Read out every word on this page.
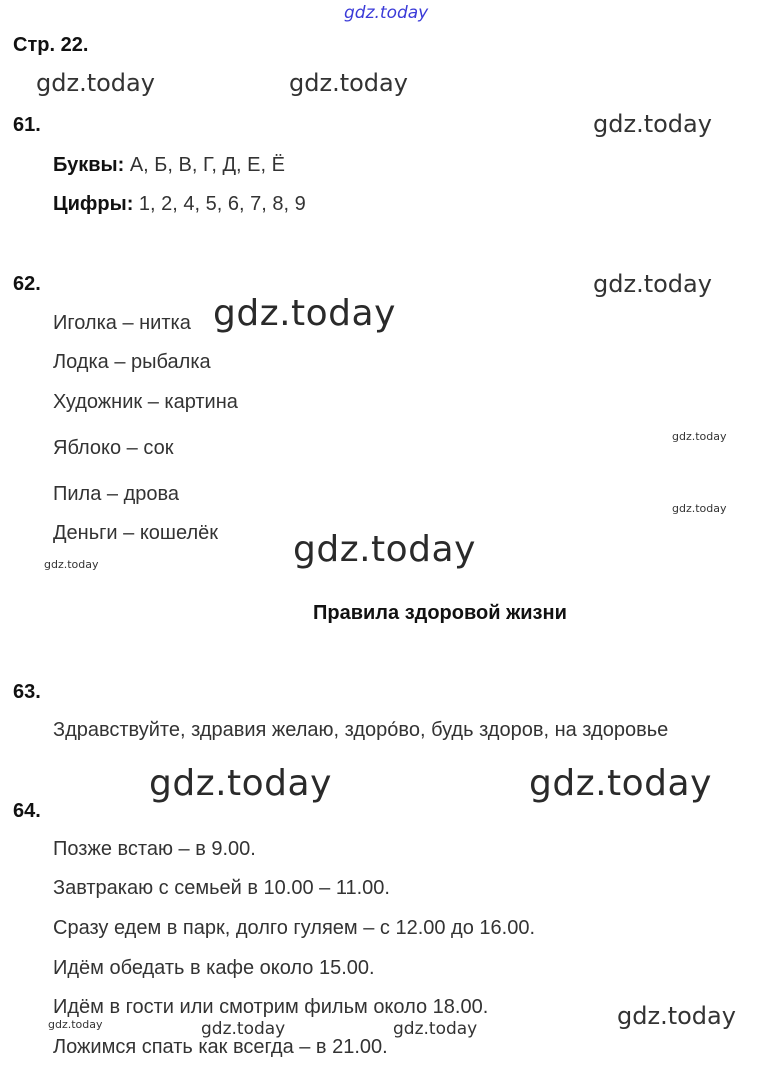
gdz.today
gdz.today	gdz.today
gdz.today
gdz.today
gdz.today
gdz.today
gdz.today
gdz.today
gdz.today
gdz.today	gdz.today
gdz.today	gdz.today	gdz.today	gdz.today
Стр. 22.
61.
Буквы: А, Б, В, Г, Д, Е, Ё
Цифры: 1, 2, 4, 5, 6, 7, 8, 9
62.
Иголка – нитка
Лодка – рыбалка
Художник – картина
Яблоко – сок
Пила – дрова
Деньги – кошелёк
Правила здоровой жизни
63.
Здравствуйте, здравия желаю, здоро́во, будь здоров, на здоровье
64.
Позже встаю – в 9.00.
Завтракаю с семьей в 10.00 – 11.00.
Сразу едем в парк, долго гуляем – с 12.00 до 16.00.
Идём обедать в кафе около 15.00.
Идём в гости или смотрим фильм около 18.00.
Ложимся спать как всегда – в 21.00.
